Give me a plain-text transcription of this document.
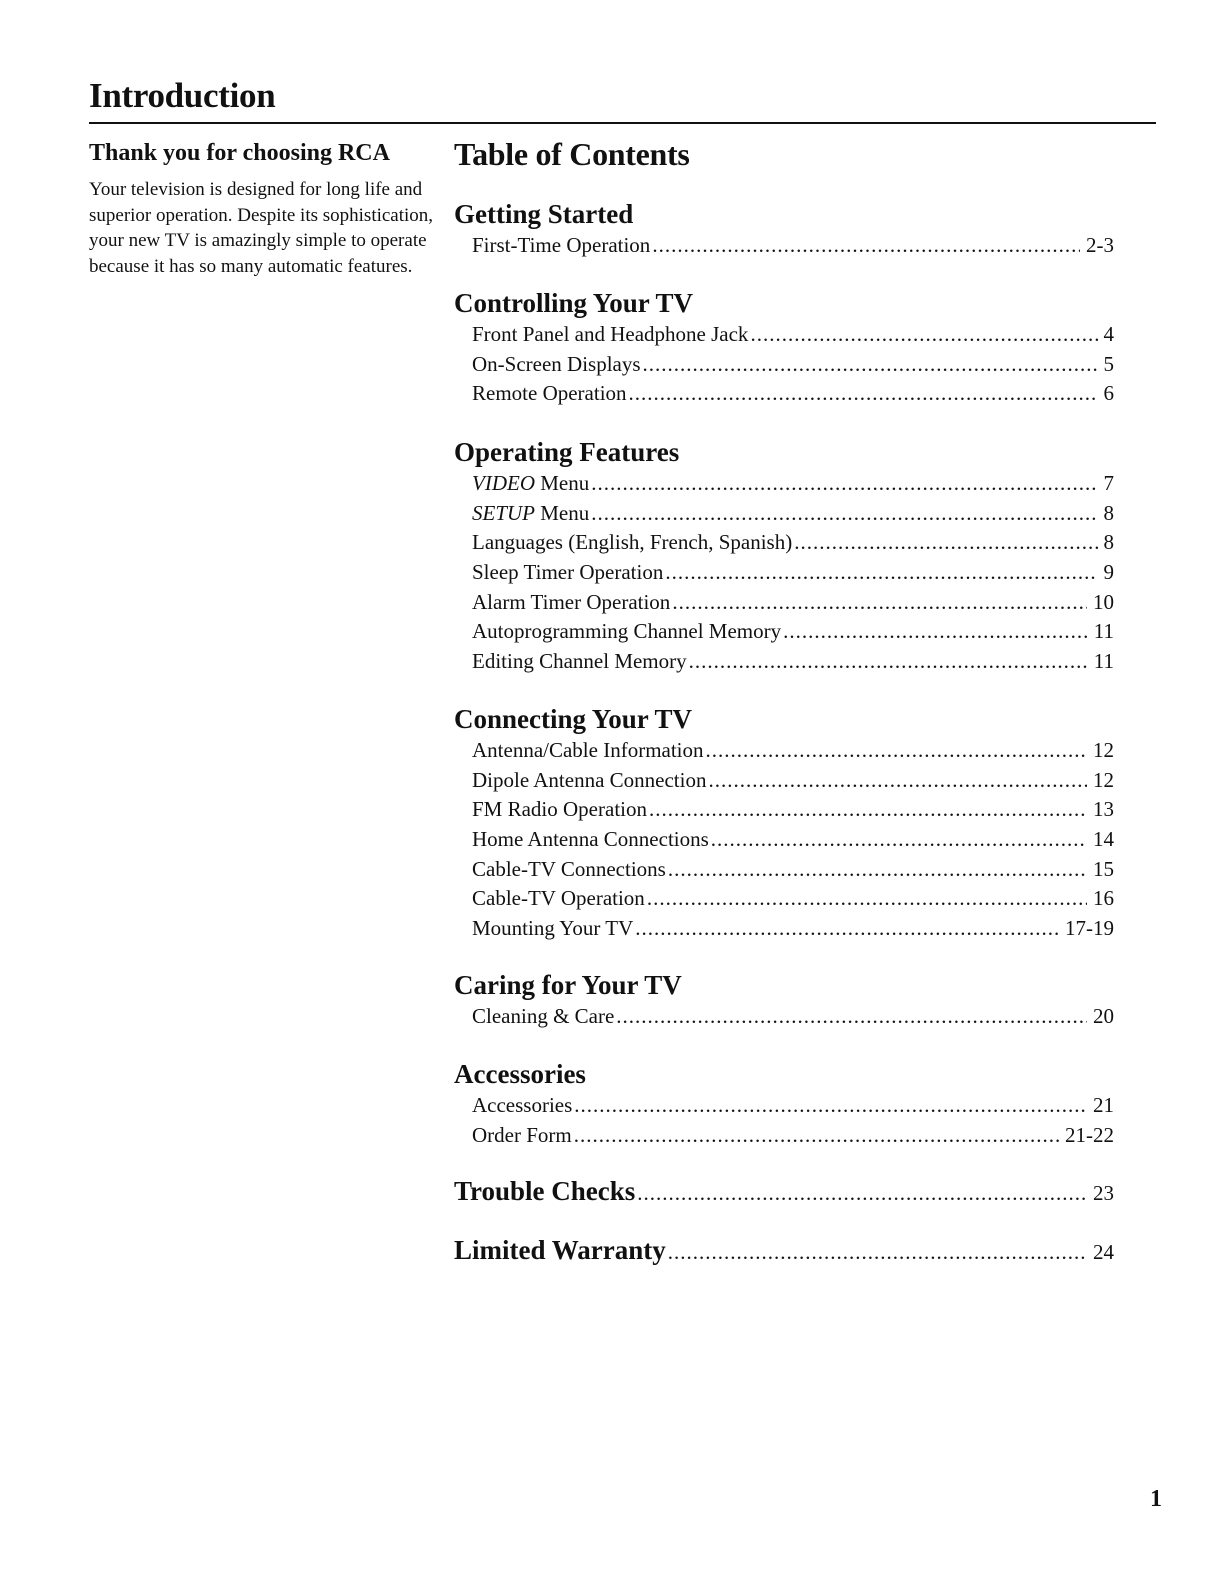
Introduction
Thank you for choosing RCA

Your television is designed for long life and superior operation. Despite its sophistication, your new TV is amazingly simple to operate because it has so many automatic features.

Table of Contents
Getting Started
First-Time Operation .....	2-3
Controlling Your TV
Front Panel and Headphone Jack .....	4
On-Screen Displays .....	5
Remote Operation .....	6
Operating Features
VIDEO Menu .....	7
SETUP Menu .....	8
Languages (English, French, Spanish) .....	8
Sleep Timer Operation .....	9
Alarm Timer Operation .....	10
Autoprogramming Channel Memory .....	11
Editing Channel Memory .....	11
Connecting Your TV
Antenna/Cable Information .....	12
Dipole Antenna Connection .....	12
FM Radio Operation .....	13
Home Antenna Connections .....	14
Cable-TV Connections .....	15
Cable-TV Operation .....	16
Mounting Your TV .....	17-19
Caring for Your TV
Cleaning & Care .....	20
Accessories
Accessories .....	21
Order Form .....	21-22
Trouble Checks .....	23
Limited Warranty .....	24
1
